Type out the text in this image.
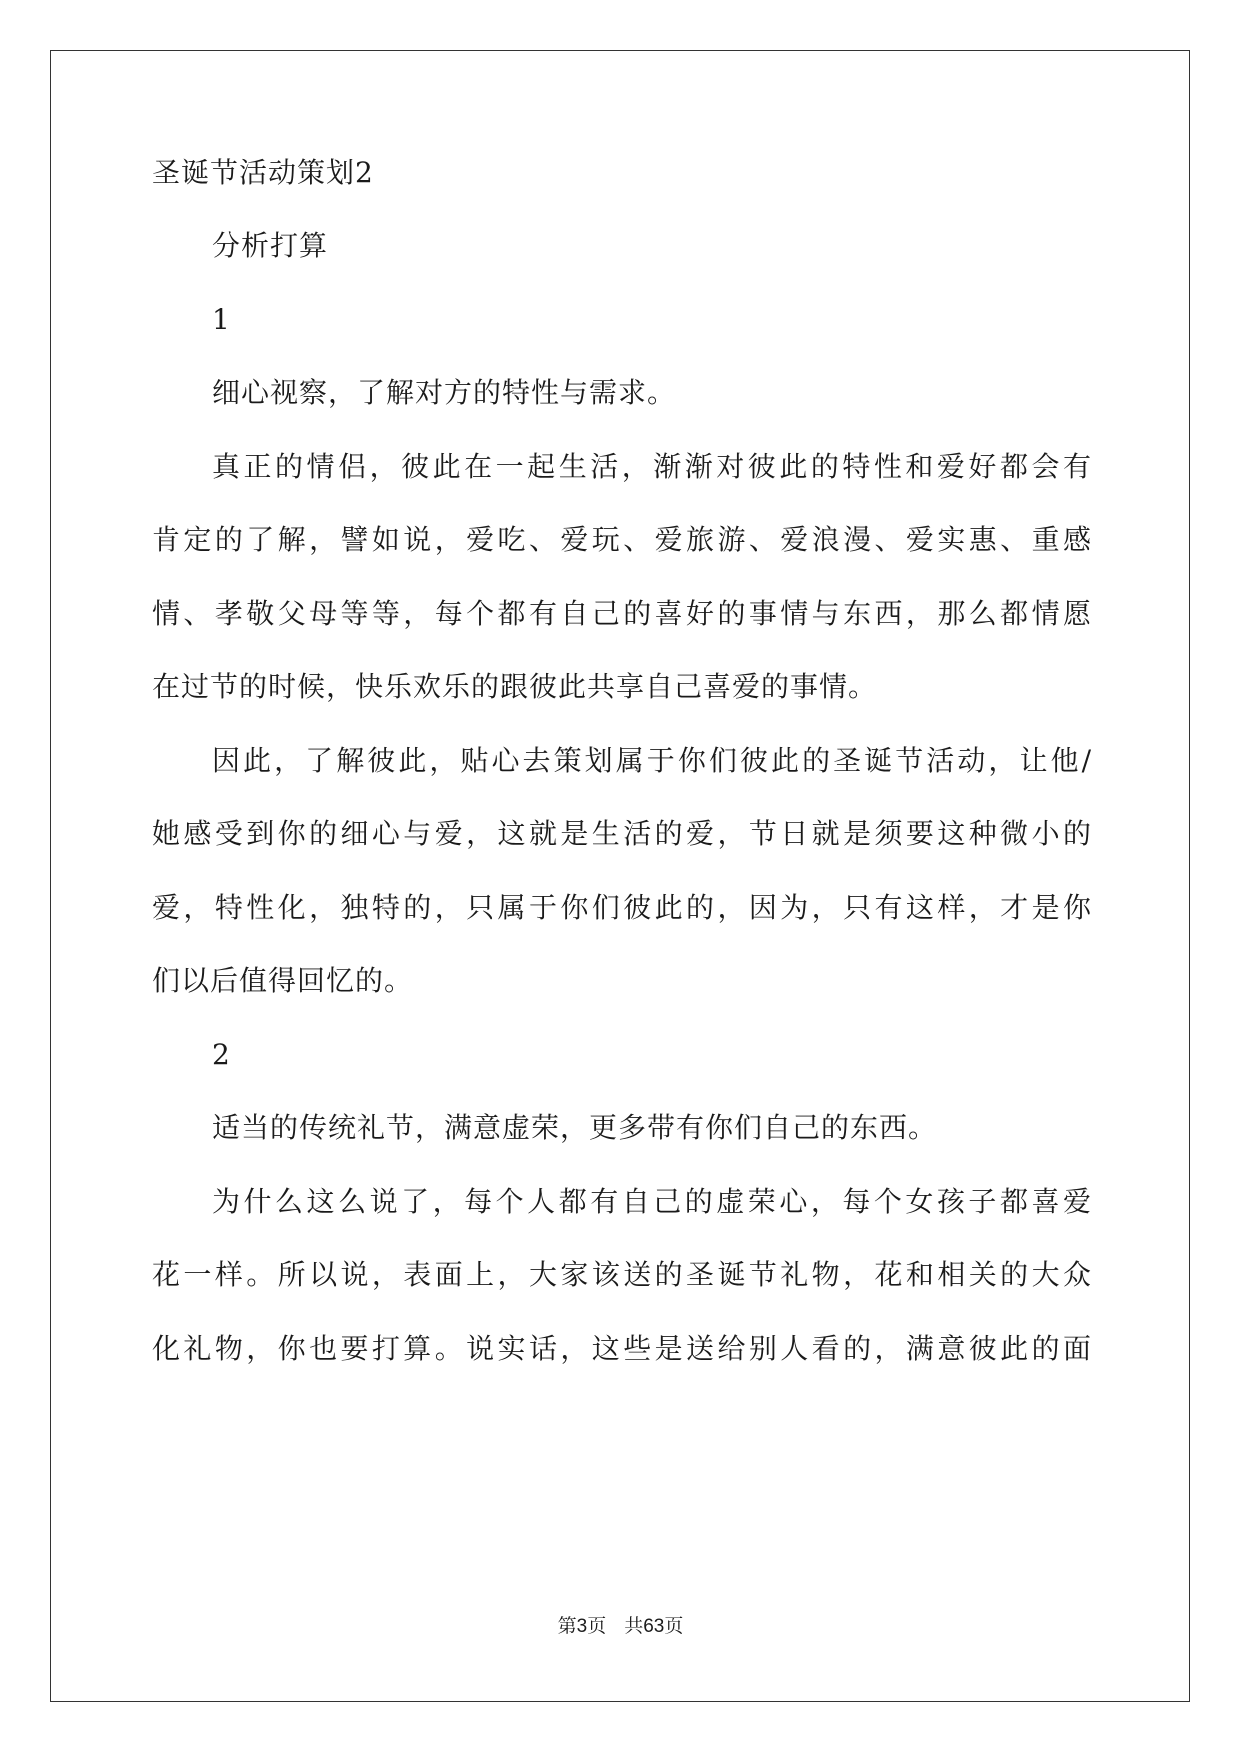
圣诞节活动策划2
分析打算
1
细心视察，了解对方的特性与需求。
真正的情侣，彼此在一起生活，渐渐对彼此的特性和爱好都会有
肯定的了解，譬如说，爱吃、爱玩、爱旅游、爱浪漫、爱实惠、重感
情、孝敬父母等等，每个都有自己的喜好的事情与东西，那么都情愿
在过节的时候，快乐欢乐的跟彼此共享自己喜爱的事情。
因此，了解彼此，贴心去策划属于你们彼此的圣诞节活动，让他/
她感受到你的细心与爱，这就是生活的爱，节日就是须要这种微小的
爱，特性化，独特的，只属于你们彼此的，因为，只有这样，才是你
们以后值得回忆的。
2
适当的传统礼节，满意虚荣，更多带有你们自己的东西。
为什么这么说了，每个人都有自己的虚荣心，每个女孩子都喜爱
花一样。所以说，表面上，大家该送的圣诞节礼物，花和相关的大众
化礼物，你也要打算。说实话，这些是送给别人看的，满意彼此的面
第3页 共63页
